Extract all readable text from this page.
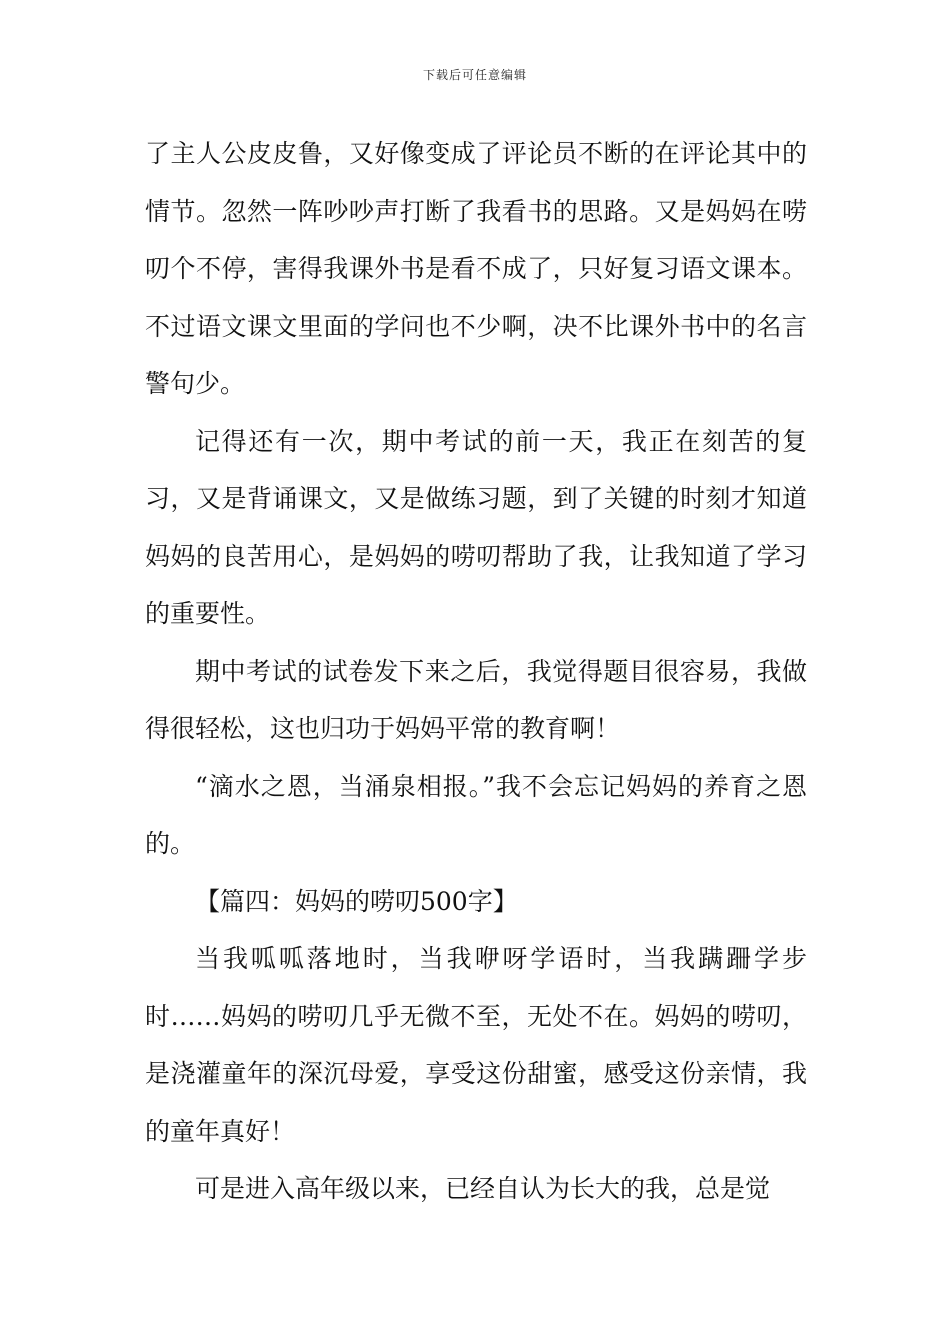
下载后可任意编辑

了主人公皮皮鲁，又好像变成了评论员不断的在评论其中的情节。忽然一阵吵吵声打断了我看书的思路。又是妈妈在唠叨个不停，害得我课外书是看不成了，只好复习语文课本。不过语文课文里面的学问也不少啊，决不比课外书中的名言警句少。

记得还有一次，期中考试的前一天，我正在刻苦的复习，又是背诵课文，又是做练习题，到了关键的时刻才知道妈妈的良苦用心，是妈妈的唠叨帮助了我，让我知道了学习的重要性。

期中考试的试卷发下来之后，我觉得题目很容易，我做得很轻松，这也归功于妈妈平常的教育啊！

“滴水之恩，当涌泉相报。”我不会忘记妈妈的养育之恩的。

【篇四：妈妈的唠叨500字】

当我呱呱落地时，当我咿呀学语时，当我蹒跚学步时……妈妈的唠叨几乎无微不至，无处不在。妈妈的唠叨，是浇灌童年的深沉母爱，享受这份甜蜜，感受这份亲情，我的童年真好！

可是进入高年级以来，已经自认为长大的我，总是觉
